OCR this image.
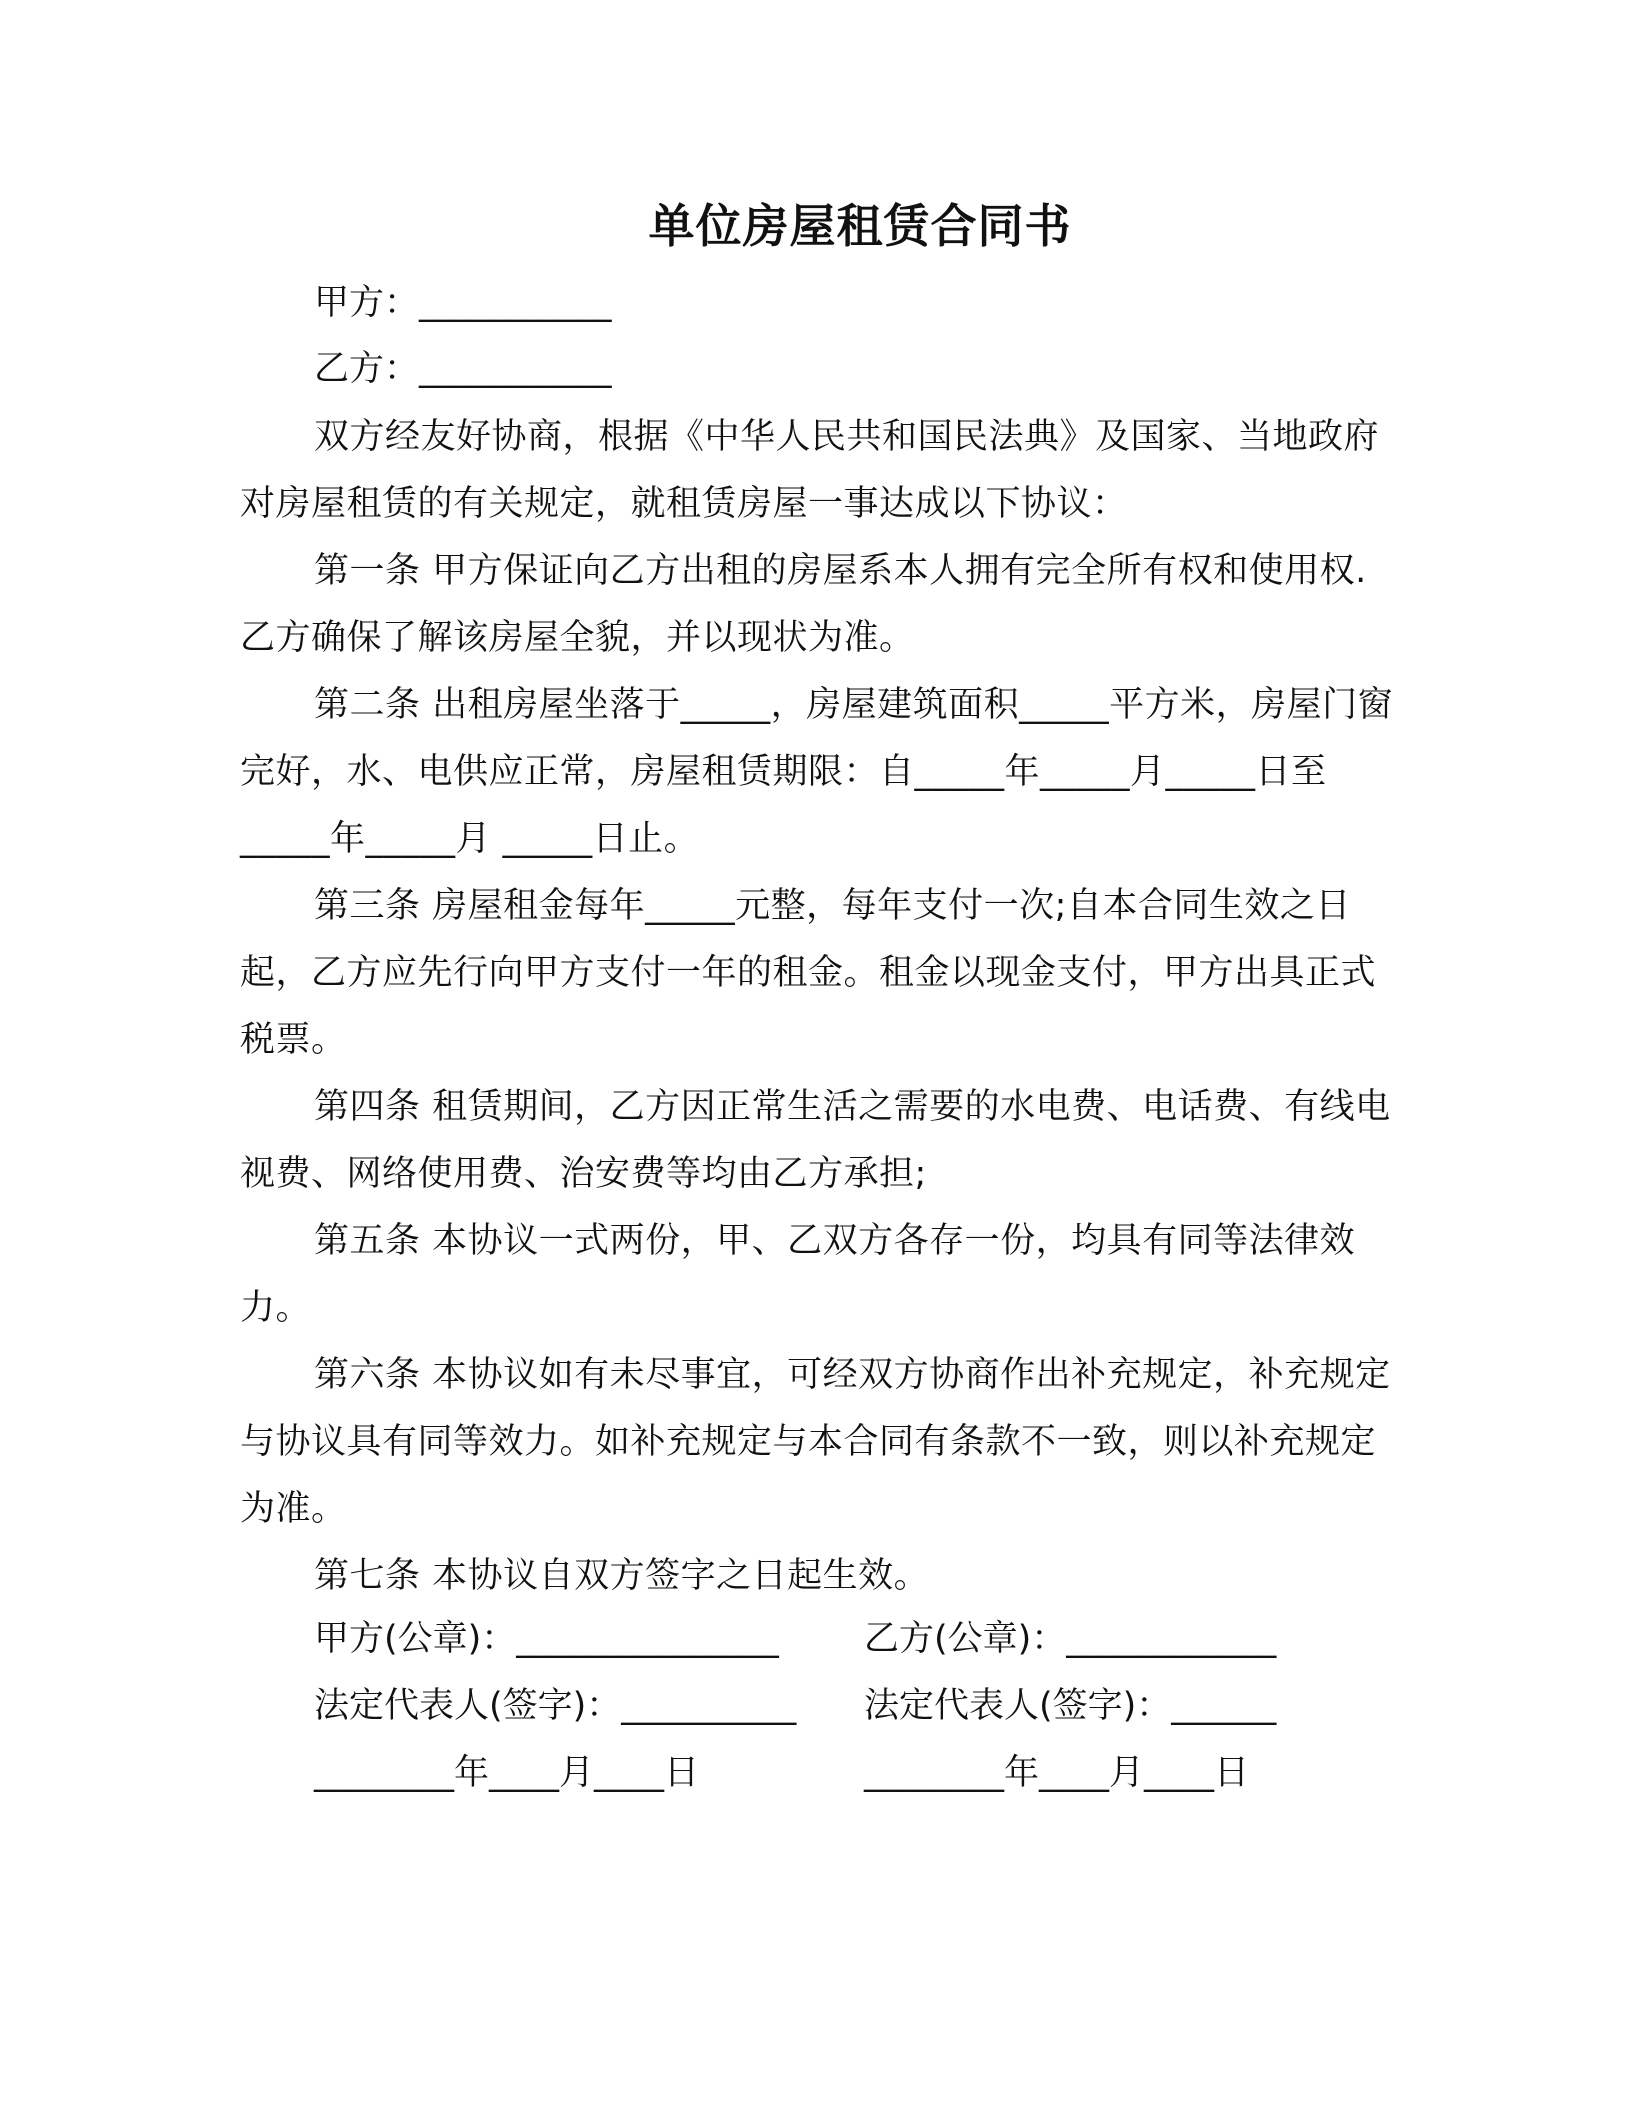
单位房屋租赁合同书
甲方：___________
乙方：___________

双方经友好协商，根据《中华人民共和国民法典》及国家、当地政府对房屋租赁的有关规定，就租赁房屋一事达成以下协议：

第一条 甲方保证向乙方出租的房屋系本人拥有完全所有权和使用权.乙方确保了解该房屋全貌，并以现状为准。

第二条 出租房屋坐落于_____，房屋建筑面积_____平方米，房屋门窗完好，水、电供应正常，房屋租赁期限：自_____年_____月_____日至_____年_____月 _____日止。

第三条 房屋租金每年_____元整，每年支付一次;自本合同生效之日起，乙方应先行向甲方支付一年的租金。租金以现金支付，甲方出具正式税票。

第四条 租赁期间，乙方因正常生活之需要的水电费、电话费、有线电视费、网络使用费、治安费等均由乙方承担;

第五条 本协议一式两份，甲、乙双方各存一份，均具有同等法律效力。

第六条 本协议如有未尽事宜，可经双方协商作出补充规定，补充规定与协议具有同等效力。如补充规定与本合同有条款不一致，则以补充规定为准。

第七条 本协议自双方签字之日起生效。

甲方(公章)：_______________ 乙方(公章)：____________
法定代表人(签字)：__________ 法定代表人(签字)：______
________年____月____日	________年____月____日
